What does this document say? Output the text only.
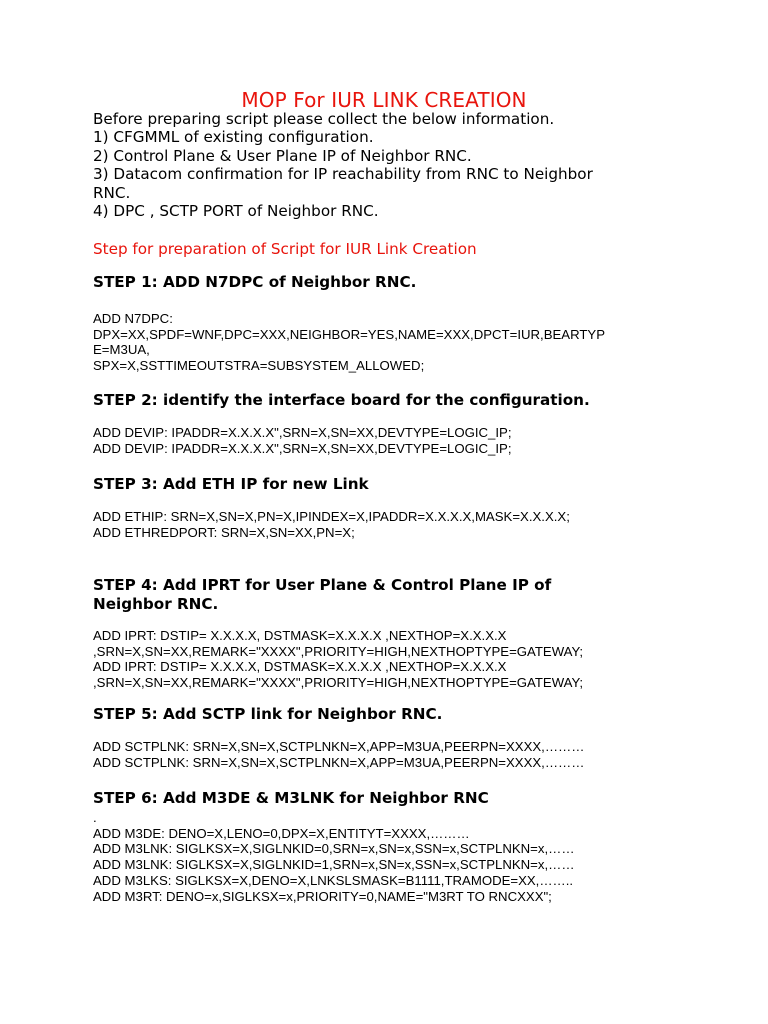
MOP For IUR LINK CREATION
Before preparing script please collect the below information.
1) CFGMML of existing configuration.
2) Control Plane & User Plane IP of Neighbor RNC.
3) Datacom confirmation for IP reachability from RNC to Neighbor
RNC.
4) DPC , SCTP PORT of Neighbor RNC.
Step for preparation of Script for IUR Link Creation
STEP 1: ADD N7DPC of Neighbor RNC.
ADD N7DPC:
DPX=XX,SPDF=WNF,DPC=XXX,NEIGHBOR=YES,NAME=XXX,DPCT=IUR,BEARTYP
E=M3UA,
SPX=X,SSTTIMEOUTSTRA=SUBSYSTEM_ALLOWED;
STEP 2: identify the interface board for the configuration.
ADD DEVIP: IPADDR=X.X.X.X",SRN=X,SN=XX,DEVTYPE=LOGIC_IP;
ADD DEVIP: IPADDR=X.X.X.X",SRN=X,SN=XX,DEVTYPE=LOGIC_IP;
STEP 3: Add ETH IP for new Link
ADD ETHIP: SRN=X,SN=X,PN=X,IPINDEX=X,IPADDR=X.X.X.X,MASK=X.X.X.X;
ADD ETHREDPORT: SRN=X,SN=XX,PN=X;
STEP 4: Add IPRT for User Plane & Control Plane IP of
Neighbor RNC.
ADD IPRT: DSTIP= X.X.X.X, DSTMASK=X.X.X.X ,NEXTHOP=X.X.X.X
,SRN=X,SN=XX,REMARK="XXXX",PRIORITY=HIGH,NEXTHOPTYPE=GATEWAY;
ADD IPRT: DSTIP= X.X.X.X, DSTMASK=X.X.X.X ,NEXTHOP=X.X.X.X
,SRN=X,SN=XX,REMARK="XXXX",PRIORITY=HIGH,NEXTHOPTYPE=GATEWAY;
STEP 5: Add SCTP link for Neighbor RNC.
ADD SCTPLNK: SRN=X,SN=X,SCTPLNKN=X,APP=M3UA,PEERPN=XXXX,………
ADD SCTPLNK: SRN=X,SN=X,SCTPLNKN=X,APP=M3UA,PEERPN=XXXX,………
STEP 6: Add M3DE & M3LNK for Neighbor RNC
.
ADD M3DE: DENO=X,LENO=0,DPX=X,ENTITYT=XXXX,………
ADD M3LNK: SIGLKSX=X,SIGLNKID=0,SRN=x,SN=x,SSN=x,SCTPLNKN=x,……
ADD M3LNK: SIGLKSX=X,SIGLNKID=1,SRN=x,SN=x,SSN=x,SCTPLNKN=x,……
ADD M3LKS: SIGLKSX=X,DENO=X,LNKSLSMASK=B1111,TRAMODE=XX,……..
ADD M3RT: DENO=x,SIGLKSX=x,PRIORITY=0,NAME="M3RT TO RNCXXX";
